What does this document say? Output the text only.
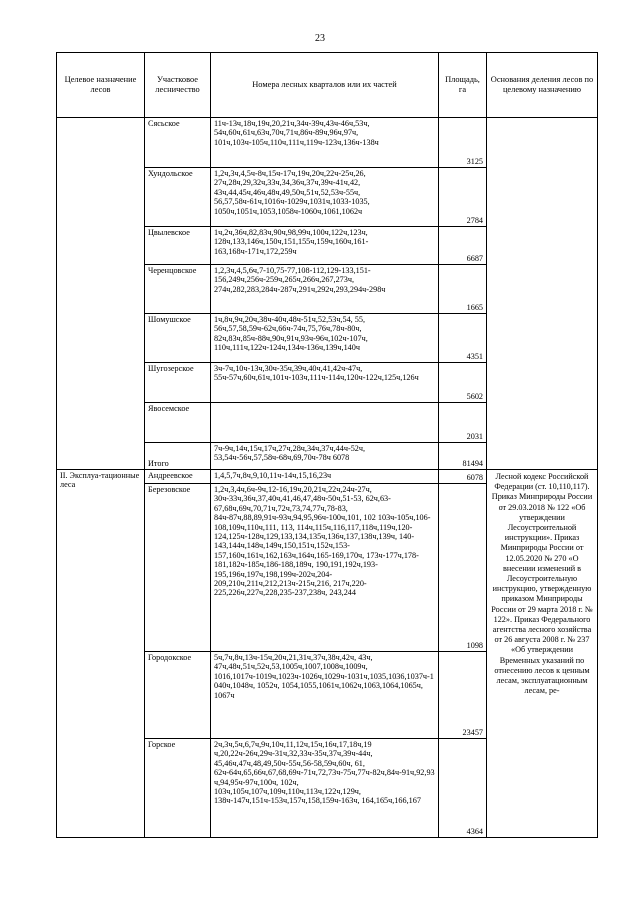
23
Целевое назначение лесов	Участковое лесничество	Номера лесных кварталов или их частей	Площадь, га	Основания деления лесов по целевому назначению
	Сясьское	11ч-13ч,18ч,19ч,20,21ч,34ч-39ч,43ч-46ч,53ч, 54ч,60ч,61ч,63ч,70ч,71ч,86ч-89ч,96ч,97ч, 101ч,103ч-105ч,110ч,111ч,119ч-123ч,136ч-138ч	3125	
	Хундольское	1,2ч,3ч,4,5ч-8ч,15ч-17ч,19ч,20ч,22ч-25ч,26, 27ч,28ч,29,32ч,33ч,34,36ч,37ч,39ч-41ч,42, 43ч,44,45ч,46ч,48ч,49,50ч,51ч,52,53ч-55ч, 56,57,58ч-61ч,1016ч-1029ч,1031ч,1033-1035, 1050ч,1051ч,1053,1058ч-1060ч,1061,1062ч	2784	
	Цвылевское	1ч,2ч,36ч,82,83ч,90ч,98,99ч,100ч,122ч,123ч, 128ч,133,146ч,150ч,151,155ч,159ч,160ч,161-163,168ч-171ч,172,259ч	6687	
	Черенцовское	1,2,3ч,4,5,6ч,7-10,75-77,108-112,129-133,151-156,249ч,256ч-259ч,265ч,266ч,267,273ч, 274ч,282,283,284ч-287ч,291ч,292ч,293,294ч-298ч	1665	
	Шомушское	1ч,8ч,9ч,20ч,38ч-40ч,48ч-51ч,52,53ч,54, 55, 56ч,57,58,59ч-62ч,66ч-74ч,75,76ч,78ч-80ч, 82ч,83ч,85ч-88ч,90ч,91ч,93ч-96ч,102ч-107ч, 110ч,111ч,122ч-124ч,134ч-136ч,139ч,140ч	4351	
	Шугозерское	3ч-7ч,10ч-13ч,30ч-35ч,39ч,40ч,41,42ч-47ч, 55ч-57ч,60ч,61ч,101ч-103ч,111ч-114ч,120ч-122ч,125ч,126ч	5602	
	Явосемское		2031	
	Итого	7ч-9ч,14ч,15ч,17ч,27ч,28ч,34ч,37ч,44ч-52ч, 53,54ч-56ч,57,58ч-68ч,69,70ч-78ч 6078	81494	
II. Эксплуа-тационные леса	Андреевское	1,4,5,7ч,8ч,9,10,11ч-14ч,15,16,23ч	6078	Лесной кодекс Российской Федерации (ст. 10,110,117). Приказ Минприроды России от 29.03.2018 № 122 «Об утверждении Лесоустроительной инструкции». Приказ Минприроды России от 12.05.2020 № 270 «О внесении изменений в Лесоустроительную инструкцию, утвержденную приказом Минприроды России от 29 марта 2018 г. № 122». Приказ Федерального агентства лесного хозяйства от 26 августа 2008 г. № 237 «Об утверждении Временных указаний по отнесению лесов к ценным лесам, эксплуатационным лесам, ре-
	Березовское	1,2ч,3,4ч,6ч-9ч,12-16,19ч,20,21ч,22ч,24ч-27ч, 30ч-33ч,36ч,37,40ч,41,46,47,48ч-50ч,51-53, 62ч,63-67,68ч,69ч,70,71ч,72ч,73,74,77ч,78-83, 84ч-87ч,88,89,91ч-93ч,94,95,96ч-100ч,101, 102 103ч-105ч,106-108,109ч,110ч,111, 113, 114ч,115ч,116,117,118ч,119ч,120-124,125ч-128ч,129,133,134,135ч,136ч,137,138ч,139ч, 140-143,144ч,148ч,149ч,150,151ч,152ч,153-157,160ч,161ч,162,163ч,164ч,165-169,170ч, 173ч-177ч,178-181,182ч-185ч,186-188,189ч, 190,191,192ч,193-195,196ч,197ч,198,199ч-202ч,204-209,210ч,211ч,212,213ч-215ч,216, 217ч,220-225,226ч,227ч,228,235-237,238ч, 243,244	1098	
	Городокское	5ч,7ч,8ч,13ч-15ч,20ч,21,31ч,37ч,38ч,42ч, 43ч, 47ч,48ч,51ч,52ч,53,1005ч,1007,1008ч,1009ч, 1016,1017ч-1019ч,1023ч-1026ч,1029ч-1031ч,1035,1036,1037ч-1040ч,1048ч, 1052ч, 1054,1055,1061ч,1062ч,1063,1064,1065ч, 1067ч	23457	
	Горское	2ч,3ч,5ч,6,7ч,9ч,10ч,11,12ч,15ч,16ч,17,18ч,19 ч,20,22ч-26ч,29ч-31ч,32,33ч-35ч,37ч,39ч-44ч, 45,46ч,47ч,48,49,50ч-55ч,56-58,59ч,60ч, 61, 62ч-64ч,65,66ч,67,68,69ч-71ч,72,73ч-75ч,77ч-82ч,84ч-91ч,92,93ч,94,95ч-97ч,100ч, 102ч, 103ч,105ч,107ч,109ч,110ч,113ч,122ч,129ч, 138ч-147ч,151ч-153ч,157ч,158,159ч-163ч, 164,165ч,166,167	4364	
